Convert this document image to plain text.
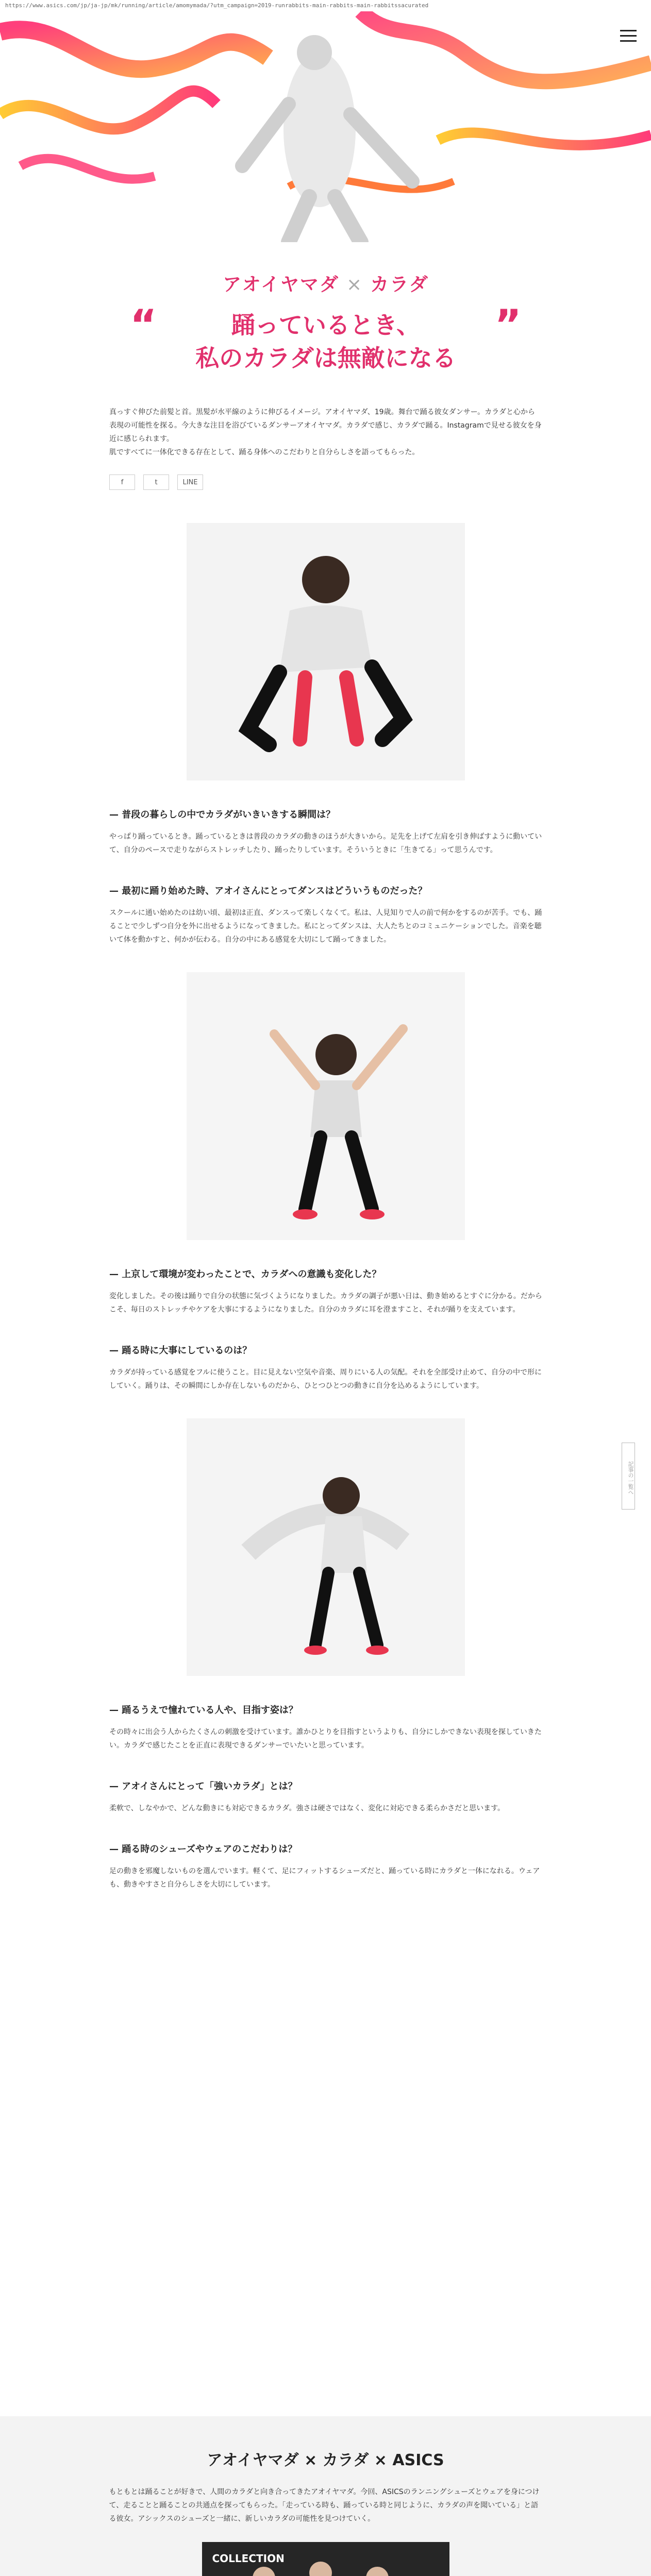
https://www.asics.com/jp/ja-jp/mk/running/article/amomymada/?utm_campaign=2019-runrabbits-main-rabbits-main-rabbitssacurated
“	”
アオイヤマダ × カラダ
踊っているとき、
私のカラダは無敵になる
真っすぐ伸びた前髪と首。黒髪が水平線のように伸びるイメージ。アオイヤマダ、19歳。舞台で踊る彼女ダンサー。カラダと心から表現の可能性を探る。今大きな注目を浴びているダンサーアオイヤマダ。カラダで感じ、カラダで踊る。Instagramで見せる彼女を身近に感じられます。
肌ですべてに一体化できる存在として、踊る身体へのこだわりと自分らしさを語ってもらった。
f	t	LINE
— 普段の暮らしの中でカラダがいきいきする瞬間は？
やっぱり踊っているとき。踊っているときは普段のカラダの動きのほうが大きいから。足先を上げて左肩を引き伸ばすように動いていて、自分のペースで走りながらストレッチしたり、踊ったりしています。そういうときに「生きてる」って思うんです。
— 最初に踊り始めた時、アオイさんにとってダンスはどういうものだった？
スクールに通い始めたのは幼い頃、最初は正直、ダンスって楽しくなくて。私は、人見知りで人の前で何かをするのが苦手。でも、踊ることで少しずつ自分を外に出せるようになってきました。私にとってダンスは、大人たちとのコミュニケーションでした。音楽を聴いて体を動かすと、何かが伝わる。自分の中にある感覚を大切にして踊ってきました。
— 上京して環境が変わったことで、カラダへの意識も変化した？
変化しました。その後は踊りで自分の状態に気づくようになりました。カラダの調子が悪い日は、動き始めるとすぐに分かる。だからこそ、毎日のストレッチやケアを大事にするようになりました。自分のカラダに耳を澄ますこと、それが踊りを支えています。
— 踊る時に大事にしているのは？
カラダが持っている感覚をフルに使うこと。目に見えない空気や音楽、周りにいる人の気配。それを全部受け止めて、自分の中で形にしていく。踊りは、その瞬間にしか存在しないものだから、ひとつひとつの動きに自分を込めるようにしています。
— 踊るうえで憧れている人や、目指す姿は？
その時々に出会う人からたくさんの刺激を受けています。誰かひとりを目指すというよりも、自分にしかできない表現を探していきたい。カラダで感じたことを正直に表現できるダンサーでいたいと思っています。
— アオイさんにとって「強いカラダ」とは？
柔軟で、しなやかで、どんな動きにも対応できるカラダ。強さは硬さではなく、変化に対応できる柔らかさだと思います。
— 踊る時のシューズやウェアのこだわりは？
足の動きを邪魔しないものを選んでいます。軽くて、足にフィットするシューズだと、踊っている時にカラダと一体になれる。ウェアも、動きやすさと自分らしさを大切にしています。
記事の一覧へ
アオイヤマダ × カラダ × ASICS

もともとは踊ることが好きで、人間のカラダと向き合ってきたアオイヤマダ。今回、ASICSのランニングシューズとウェアを身につけて、走ることと踊ることの共通点を探ってもらった。「走っている時も、踊っている時と同じように、カラダの声を聞いている」と語る彼女。アシックスのシューズと一緒に、新しいカラダの可能性を見つけていく。

COLLECTION
